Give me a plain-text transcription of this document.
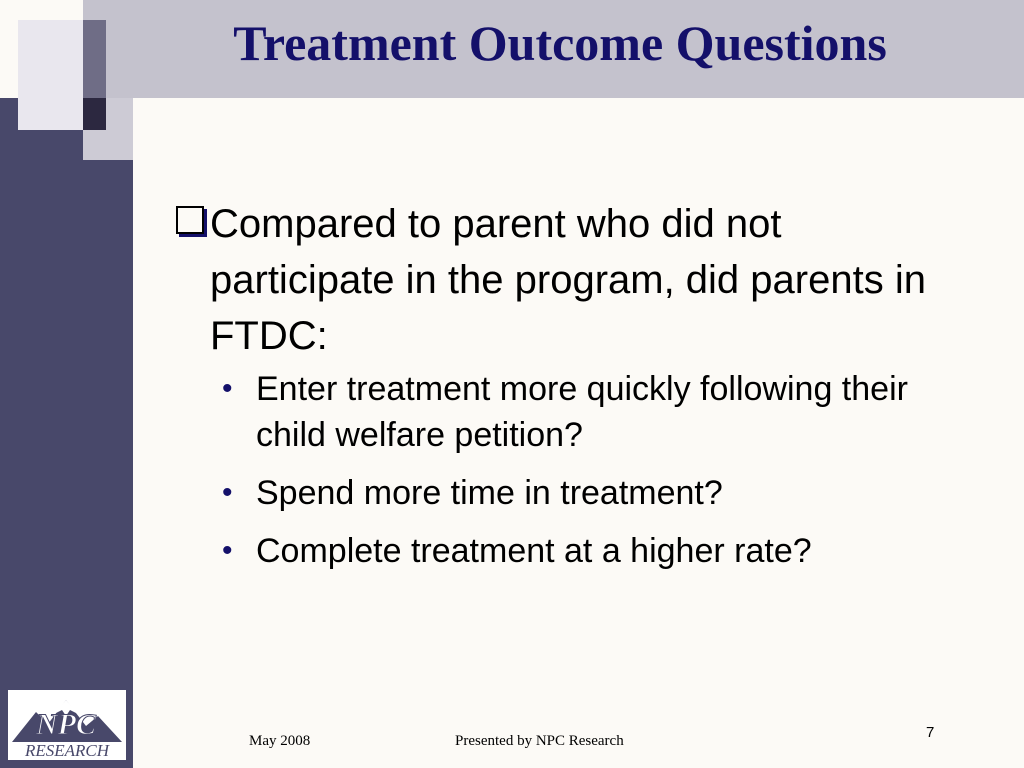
Treatment Outcome Questions
Compared to parent who did not participate in the program, did parents in FTDC:
• Enter treatment more quickly following their child welfare petition?
• Spend more time in treatment?
• Complete treatment at a higher rate?
NPC
RESEARCH	May 2008	Presented by NPC Research	7
